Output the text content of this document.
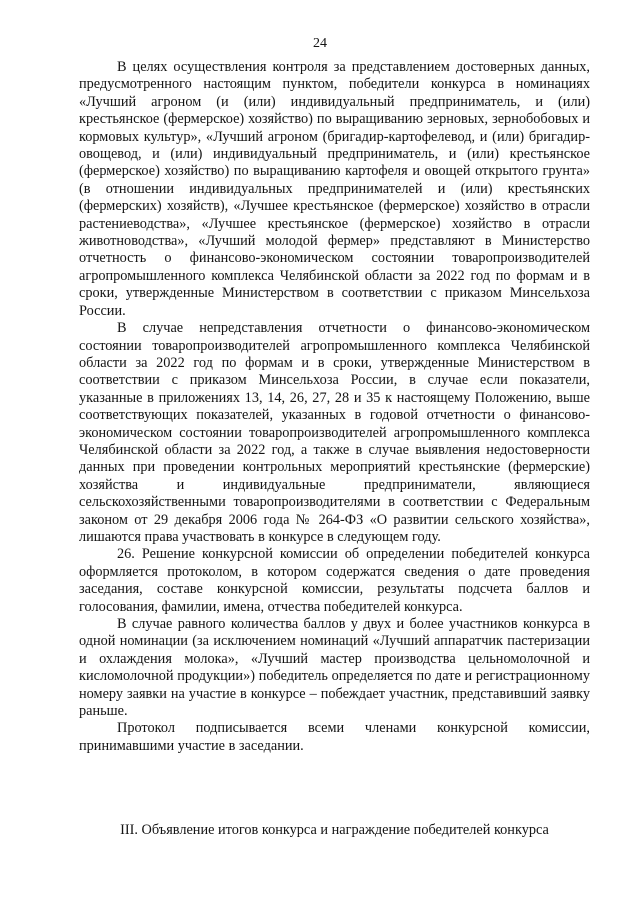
24

В целях осуществления контроля за представлением достоверных данных, предусмотренного настоящим пунктом, победители конкурса в номинациях «Лучший агроном (и (или) индивидуальный предприниматель, и (или) крестьянское (фермерское) хозяйство) по выращиванию зерновых, зернобобовых и кормовых культур», «Лучший агроном (бригадир-картофелевод, и (или) бригадир-овощевод, и (или) индивидуальный предприниматель, и (или) крестьянское (фермерское) хозяйство) по выращиванию картофеля и овощей открытого грунта» (в отношении индивидуальных предпринимателей и (или) крестьянских (фермерских) хозяйств), «Лучшее крестьянское (фермерское) хозяйство в отрасли растениеводства», «Лучшее крестьянское (фермерское) хозяйство в отрасли животноводства», «Лучший молодой фермер» представляют в Министерство отчетность о финансово-экономическом состоянии товаропроизводителей агропромышленного комплекса Челябинской области за 2022 год по формам и в сроки, утвержденные Министерством в соответствии с приказом Минсельхоза России.

В случае непредставления отчетности о финансово-экономическом состоянии товаропроизводителей агропромышленного комплекса Челябинской области за 2022 год по формам и в сроки, утвержденные Министерством в соответствии с приказом Минсельхоза России, в случае если показатели, указанные в приложениях 13, 14, 26, 27, 28 и 35 к настоящему Положению, выше соответствующих показателей, указанных в годовой отчетности о финансово-экономическом состоянии товаропроизводителей агропромышленного комплекса Челябинской области за 2022 год, а также в случае выявления недостоверности данных при проведении контрольных мероприятий крестьянские (фермерские) хозяйства и индивидуальные предприниматели, являющиеся сельскохозяйственными товаропроизводителями в соответствии с Федеральным законом от 29 декабря 2006 года № 264-ФЗ «О развитии сельского хозяйства», лишаются права участвовать в конкурсе в следующем году.

26. Решение конкурсной комиссии об определении победителей конкурса оформляется протоколом, в котором содержатся сведения о дате проведения заседания, составе конкурсной комиссии, результаты подсчета баллов и голосования, фамилии, имена, отчества победителей конкурса.

В случае равного количества баллов у двух и более участников конкурса в одной номинации (за исключением номинаций «Лучший аппаратчик пастеризации и охлаждения молока», «Лучший мастер производства цельномолочной и кисломолочной продукции») победитель определяется по дате и регистрационному номеру заявки на участие в конкурсе – побеждает участник, представивший заявку раньше.

Протокол подписывается всеми членами конкурсной комиссии, принимавшими участие в заседании.

III. Объявление итогов конкурса и награждение победителей конкурса
